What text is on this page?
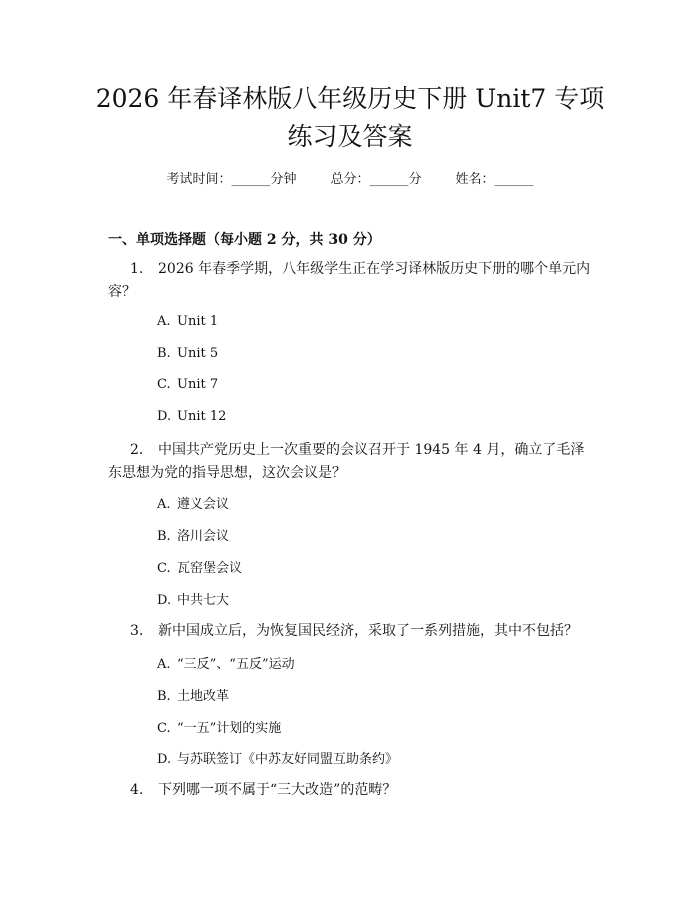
2026 年春译林版八年级历史下册 Unit7 专项
练习及答案
考试时间：______分钟	总分：______分	姓名：______
一、单项选择题（每小题 2 分，共 30 分）
1. 2026 年春季学期，八年级学生正在学习译林版历史下册的哪个单元内容？
A. Unit 1
B. Unit 5
C. Unit 7
D. Unit 12
2. 中国共产党历史上一次重要的会议召开于 1945 年 4 月，确立了毛泽东思想为党的指导思想，这次会议是？
A. 遵义会议
B. 洛川会议
C. 瓦窑堡会议
D. 中共七大
3. 新中国成立后，为恢复国民经济，采取了一系列措施，其中不包括？
A. “三反”、“五反”运动
B. 土地改革
C. “一五”计划的实施
D. 与苏联签订《中苏友好同盟互助条约》
4. 下列哪一项不属于“三大改造”的范畴？
